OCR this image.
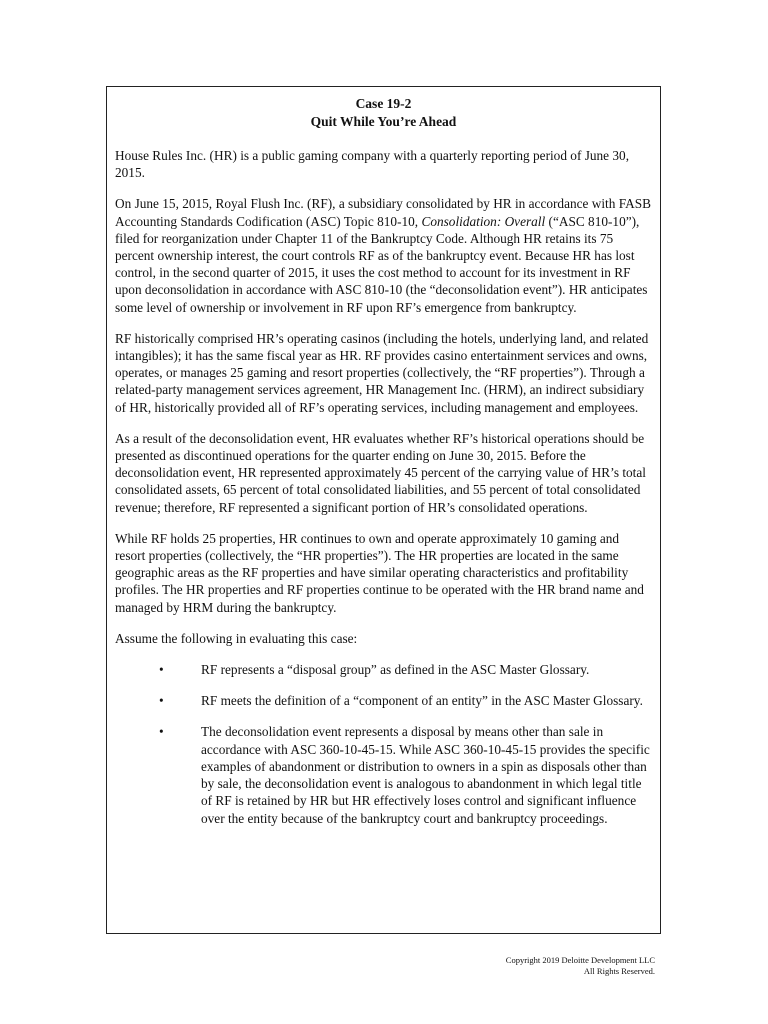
Case 19-2

Quit While You’re Ahead

House Rules Inc. (HR) is a public gaming company with a quarterly reporting period of June 30, 2015.

On June 15, 2015, Royal Flush Inc. (RF), a subsidiary consolidated by HR in accordance with FASB Accounting Standards Codification (ASC) Topic 810-10, Consolidation: Overall (“ASC 810-10”), filed for reorganization under Chapter 11 of the Bankruptcy Code. Although HR retains its 75 percent ownership interest, the court controls RF as of the bankruptcy event. Because HR has lost control, in the second quarter of 2015, it uses the cost method to account for its investment in RF upon deconsolidation in accordance with ASC 810-10 (the “deconsolidation event”). HR anticipates some level of ownership or involvement in RF upon RF’s emergence from bankruptcy.

RF historically comprised HR’s operating casinos (including the hotels, underlying land, and related intangibles); it has the same fiscal year as HR. RF provides casino entertainment services and owns, operates, or manages 25 gaming and resort properties (collectively, the “RF properties”). Through a related-party management services agreement, HR Management Inc. (HRM), an indirect subsidiary of HR, historically provided all of RF’s operating services, including management and employees.

As a result of the deconsolidation event, HR evaluates whether RF’s historical operations should be presented as discontinued operations for the quarter ending on June 30, 2015. Before the deconsolidation event, HR represented approximately 45 percent of the carrying value of HR’s total consolidated assets, 65 percent of total consolidated liabilities, and 55 percent of total consolidated revenue; therefore, RF represented a significant portion of HR’s consolidated operations.

While RF holds 25 properties, HR continues to own and operate approximately 10 gaming and resort properties (collectively, the “HR properties”). The HR properties are located in the same geographic areas as the RF properties and have similar operating characteristics and profitability profiles. The HR properties and RF properties continue to be operated with the HR brand name and managed by HRM during the bankruptcy.

Assume the following in evaluating this case:

•	RF represents a “disposal group” as defined in the ASC Master Glossary.
•	RF meets the definition of a “component of an entity” in the ASC Master Glossary.
•	The deconsolidation event represents a disposal by means other than sale in accordance with ASC 360-10-45-15. While ASC 360-10-45-15 provides the specific examples of abandonment or distribution to owners in a spin as disposals other than by sale, the deconsolidation event is analogous to abandonment in which legal title of RF is retained by HR but HR effectively loses control and significant influence over the entity because of the bankruptcy court and bankruptcy proceedings.
Copyright 2019 Deloitte Development LLC
All Rights Reserved.
